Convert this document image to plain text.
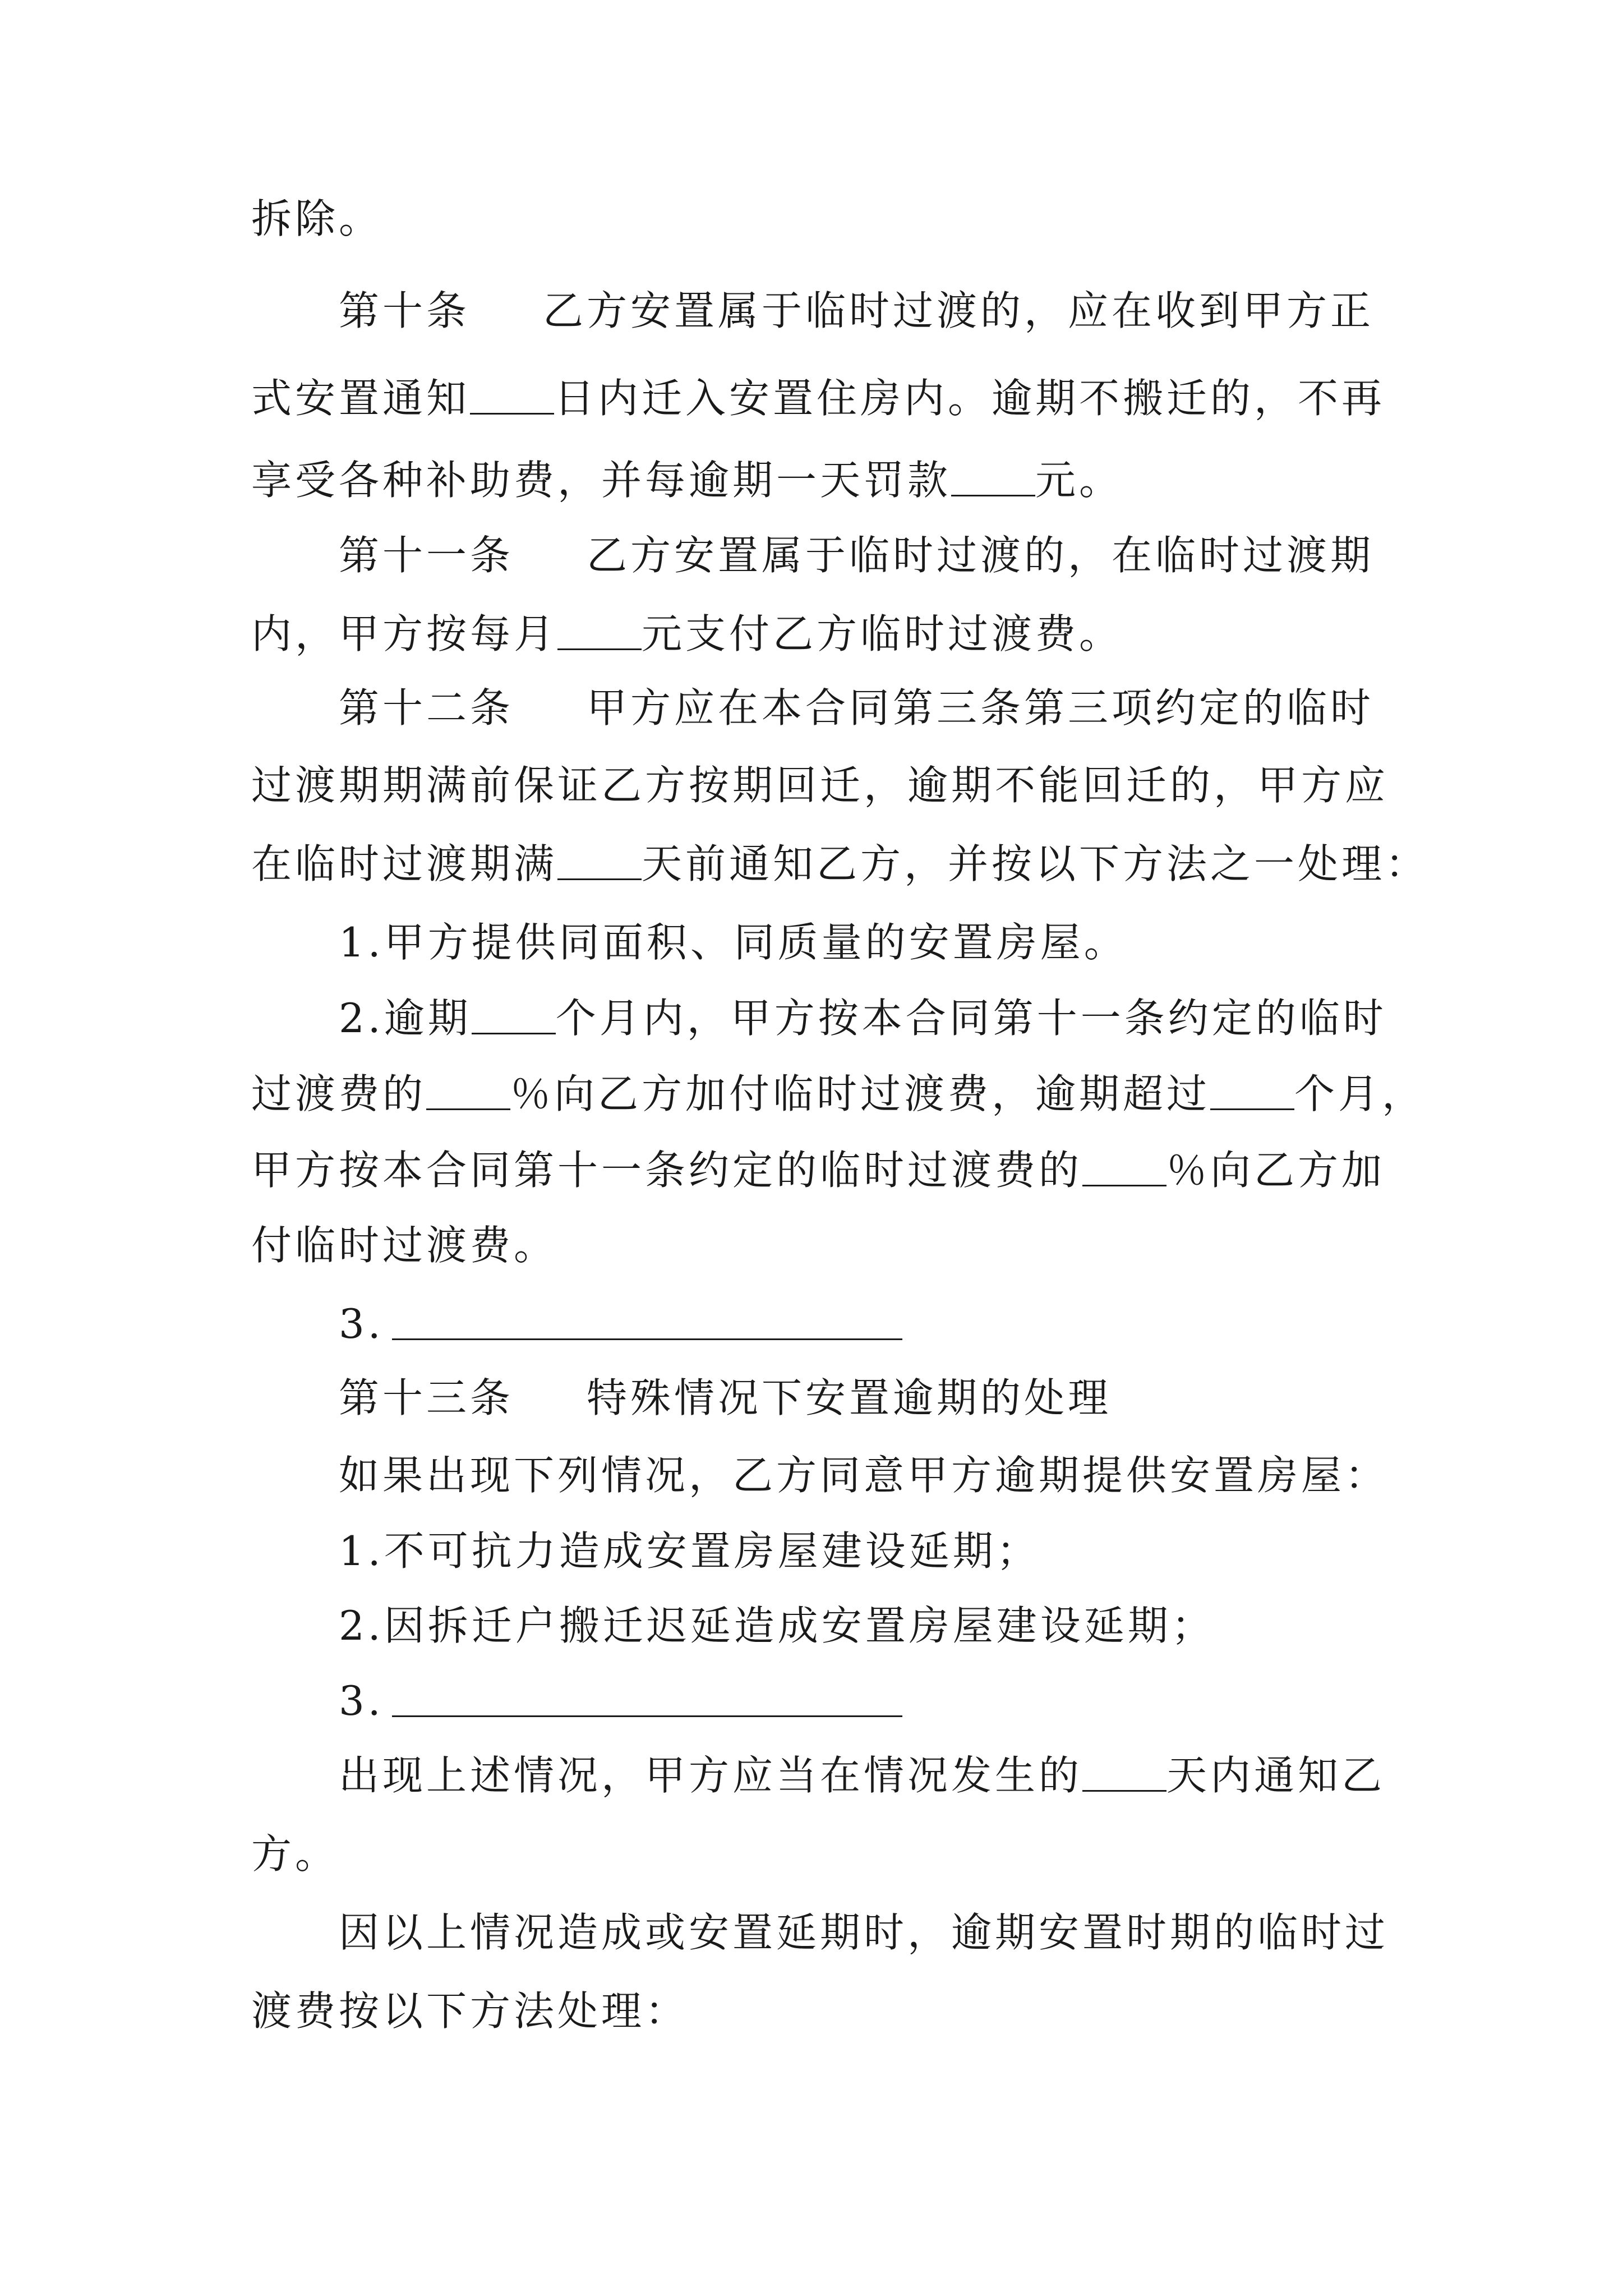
拆除。
第十条 乙方安置属于临时过渡的，应在收到甲方正
式安置通知 日内迁入安置住房内。逾期不搬迁的，不再
享受各种补助费，并每逾期一天罚款 元。
第十一条 乙方安置属于临时过渡的，在临时过渡期
内，甲方按每月 元支付乙方临时过渡费。
第十二条 甲方应在本合同第三条第三项约定的临时
过渡期期满前保证乙方按期回迁，逾期不能回迁的，甲方应
在临时过渡期满 天前通知乙方，并按以下方法之一处理：
1.甲方提供同面积、同质量的安置房屋。
2.逾期 个月内，甲方按本合同第十一条约定的临时
过渡费的 ％向乙方加付临时过渡费，逾期超过 个月，
甲方按本合同第十一条约定的临时过渡费的 ％向乙方加
付临时过渡费。
3.
第十三条 特殊情况下安置逾期的处理
如果出现下列情况，乙方同意甲方逾期提供安置房屋：
1.不可抗力造成安置房屋建设延期；
2.因拆迁户搬迁迟延造成安置房屋建设延期；
3.
出现上述情况，甲方应当在情况发生的 天内通知乙
方。
因以上情况造成或安置延期时，逾期安置时期的临时过
渡费按以下方法处理：
